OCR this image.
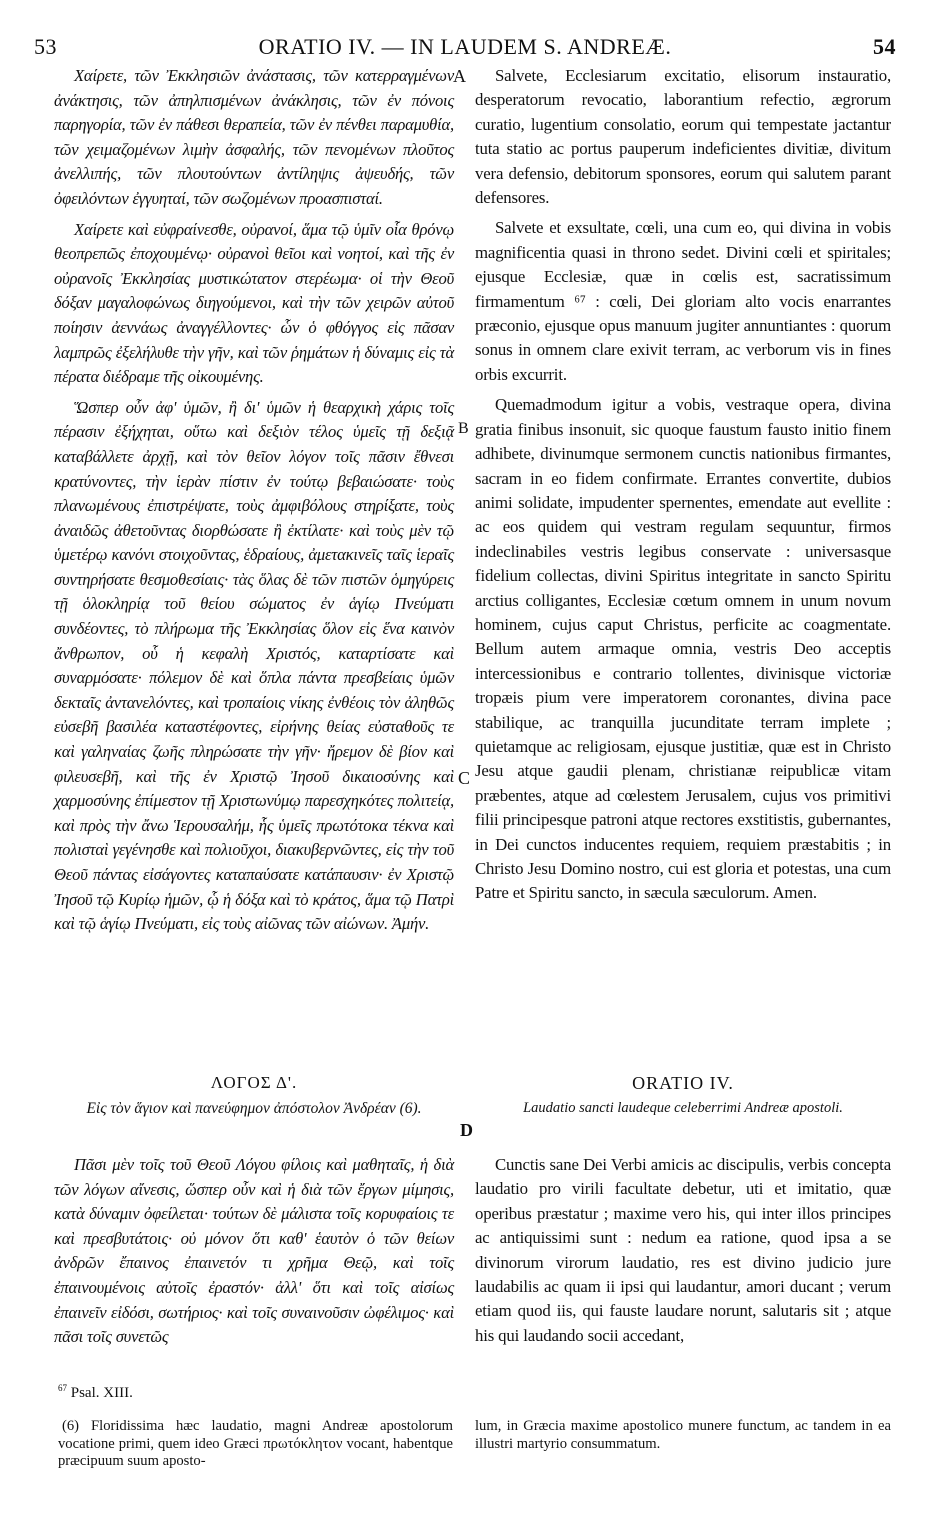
53	ORATIO IV. — IN LAUDEM S. ANDREÆ.	54

Χαίρετε, τῶν Ἐκκλησιῶν ἀνάστασις, τῶν κατερραγμένων ἀνάκτησις, τῶν ἀπηλπισμένων ἀνάκλησις, τῶν ἐν πόνοις παρηγορία, τῶν ἐν πάθεσι θεραπεία, τῶν ἐν πένθει παραμυθία, τῶν χειμαζομένων λιμὴν ἀσφαλής, τῶν πενομένων πλοῦτος ἀνελλιπής, τῶν πλουτούντων ἀντίληψις ἀψευδής, τῶν ὀφειλόντων ἐγγυηταί, τῶν σωζομένων προασπισταί.

Χαίρετε καὶ εὐφραίνεσθε, οὐρανοί, ἅμα τῷ ὑμῖν οἷα θρόνῳ θεοπρεπῶς ἐποχουμένῳ· οὐρανοὶ θεῖοι καὶ νοητοί, καὶ τῆς ἐν οὐρανοῖς Ἐκκλησίας μυστικώτατον στερέωμα· οἱ τὴν Θεοῦ δόξαν μαγαλοφώνως διηγούμενοι, καὶ τὴν τῶν χειρῶν αὐτοῦ ποίησιν ἀεννάως ἀναγγέλλοντες· ὧν ὁ φθόγγος εἰς πᾶσαν λαμπρῶς ἐξελήλυθε τὴν γῆν, καὶ τῶν ῥημάτων ἡ δύναμις εἰς τὰ πέρατα διέδραμε τῆς οἰκουμένης.

Ὥσπερ οὖν ἀφ' ὑμῶν, ἢ δι' ὑμῶν ἡ θεαρχικὴ χάρις τοῖς πέρασιν ἐξήχηται, οὕτω καὶ δεξιὸν τέλος ὑμεῖς τῇ δεξιᾷ καταβάλλετε ἀρχῇ, καὶ τὸν θεῖον λόγον τοῖς πᾶσιν ἔθνεσι κρατύνοντες, τὴν ἱερὰν πίστιν ἐν τούτῳ βεβαιώσατε· τοὺς πλανωμένους ἐπιστρέψατε, τοὺς ἀμφιβόλους στηρίξατε, τοὺς ἀναιδῶς ἀθετοῦντας διορθώσατε ἢ ἐκτίλατε· καὶ τοὺς μὲν τῷ ὑμετέρῳ κανόνι στοιχοῦντας, ἑδραίους, ἀμετακινεῖς ταῖς ἱεραῖς συντηρήσατε θεσμοθεσίαις· τὰς ὅλας δὲ τῶν πιστῶν ὁμηγύρεις τῇ ὁλοκληρίᾳ τοῦ θείου σώματος ἐν ἁγίῳ Πνεύματι συνδέοντες, τὸ πλήρωμα τῆς Ἐκκλησίας ὅλον εἰς ἕνα καινὸν ἄνθρωπον, οὗ ἡ κεφαλὴ Χριστός, καταρτίσατε καὶ συναρμόσατε· πόλεμον δὲ καὶ ὅπλα πάντα πρεσβείαις ὑμῶν δεκταῖς ἀντανελόντες, καὶ τροπαίοις νίκης ἐνθέοις τὸν ἀληθῶς εὐσεβῆ βασιλέα καταστέφοντες, εἰρήνης θείας εὐσταθοῦς τε καὶ γαληναίας ζωῆς πληρώσατε τὴν γῆν· ἤρεμον δὲ βίον καὶ φιλευσεβῆ, καὶ τῆς ἐν Χριστῷ Ἰησοῦ δικαιοσύνης καὶ χαρμοσύνης ἐπίμεστον τῇ Χριστωνύμῳ παρεσχηκότες πολιτείᾳ, καὶ πρὸς τὴν ἄνω Ἱερουσαλήμ, ἧς ὑμεῖς πρωτότοκα τέκνα καὶ πολισταὶ γεγένησθε καὶ πολιοῦχοι, διακυβερνῶντες, εἰς τὴν τοῦ Θεοῦ πάντας εἰσάγοντες καταπαύσατε κατάπαυσιν· ἐν Χριστῷ Ἰησοῦ τῷ Κυρίῳ ἡμῶν, ᾧ ἡ δόξα καὶ τὸ κράτος, ἅμα τῷ Πατρὶ καὶ τῷ ἁγίῳ Πνεύματι, εἰς τοὺς αἰῶνας τῶν αἰώνων. Ἀμήν.

Salvete, Ecclesiarum excitatio, elisorum instauratio, desperatorum revocatio, laborantium refectio, ægrorum curatio, lugentium consolatio, eorum qui tempestate jactantur tuta statio ac portus pauperum indeficientes divitiæ, divitum vera defensio, debitorum sponsores, eorum qui salutem parant defensores.

Salvete et exsultate, cœli, una cum eo, qui divina in vobis magnificentia quasi in throno sedet. Divini cœli et spiritales; ejusque Ecclesiæ, quæ in cœlis est, sacratissimum firmamentum ⁶⁷ : cœli, Dei gloriam alto vocis enarrantes præconio, ejusque opus manuum jugiter annuntiantes : quorum sonus in omnem clare exivit terram, ac verborum vis in fines orbis excurrit.

Quemadmodum igitur a vobis, vestraque opera, divina gratia finibus insonuit, sic quoque faustum fausto initio finem adhibete, divinumque sermonem cunctis nationibus firmantes, sacram in eo fidem confirmate. Errantes convertite, dubios animi solidate, impudenter spernentes, emendate aut evellite : ac eos quidem qui vestram regulam sequuntur, firmos indeclinabiles vestris legibus conservate : universasque fidelium collectas, divini Spiritus integritate in sancto Spiritu arctius colligantes, Ecclesiæ cœtum omnem in unum novum hominem, cujus caput Christus, perficite ac coagmentate. Bellum autem armaque omnia, vestris Deo acceptis intercessionibus e contrario tollentes, divinisque victoriæ tropæis pium vere imperatorem coronantes, divina pace stabilique, ac tranquilla jucunditate terram implete ; quietamque ac religiosam, ejusque justitiæ, quæ est in Christo Jesu atque gaudii plenam, christianæ reipublicæ vitam præbentes, atque ad cœlestem Jerusalem, cujus vos primitivi filii principesque patroni atque rectores exstitistis, gubernantes, in Dei cunctos inducentes requiem, requiem præstabitis ; in Christo Jesu Domino nostro, cui est gloria et potestas, una cum Patre et Spiritu sancto, in sæcula sæculorum. Amen.

A
B
C
D
ΛΟΓΟΣ Δ'.
Εἰς τὸν ἅγιον καὶ πανεύφημον ἀπόστολον Ἀνδρέαν (6).
ORATIO IV.
Laudatio sancti laudeque celeberrimi Andreæ apostoli.

Πᾶσι μὲν τοῖς τοῦ Θεοῦ Λόγου φίλοις καὶ μαθηταῖς, ἡ διὰ τῶν λόγων αἴνεσις, ὥσπερ οὖν καὶ ἡ διὰ τῶν ἔργων μίμησις, κατὰ δύναμιν ὀφείλεται· τούτων δὲ μάλιστα τοῖς κορυφαίοις τε καὶ πρεσβυτάτοις· οὐ μόνον ὅτι καθ' ἑαυτὸν ὁ τῶν θείων ἀνδρῶν ἔπαινος ἐπαινετόν τι χρῆμα Θεῷ, καὶ τοῖς ἐπαινουμένοις αὐτοῖς ἐραστόν· ἀλλ' ὅτι καὶ τοῖς αἰσίως ἐπαινεῖν εἰδόσι, σωτήριος· καὶ τοῖς συναινοῦσιν ὠφέλιμος· καὶ πᾶσι τοῖς συνετῶς

Cunctis sane Dei Verbi amicis ac discipulis, verbis concepta laudatio pro virili facultate debetur, uti et imitatio, quæ operibus præstatur ; maxime vero his, qui inter illos principes ac antiquissimi sunt : nedum ea ratione, quod ipsa a se divinorum virorum laudatio, res est divino judicio jure laudabilis ac quam ii ipsi qui laudantur, amori ducant ; verum etiam quod iis, qui fauste laudare norunt, salutaris sit ; atque his qui laudando socii accedant,

$^{67}$ Psal. XIII.
(6) Floridissima hæc laudatio, magni Andreæ apostolorum vocatione primi, quem ideo Græci πρωτόκλητον vocant, habentque præcipuum suum aposto-
lum, in Græcia maxime apostolico munere functum, ac tandem in ea illustri martyrio consummatum.
